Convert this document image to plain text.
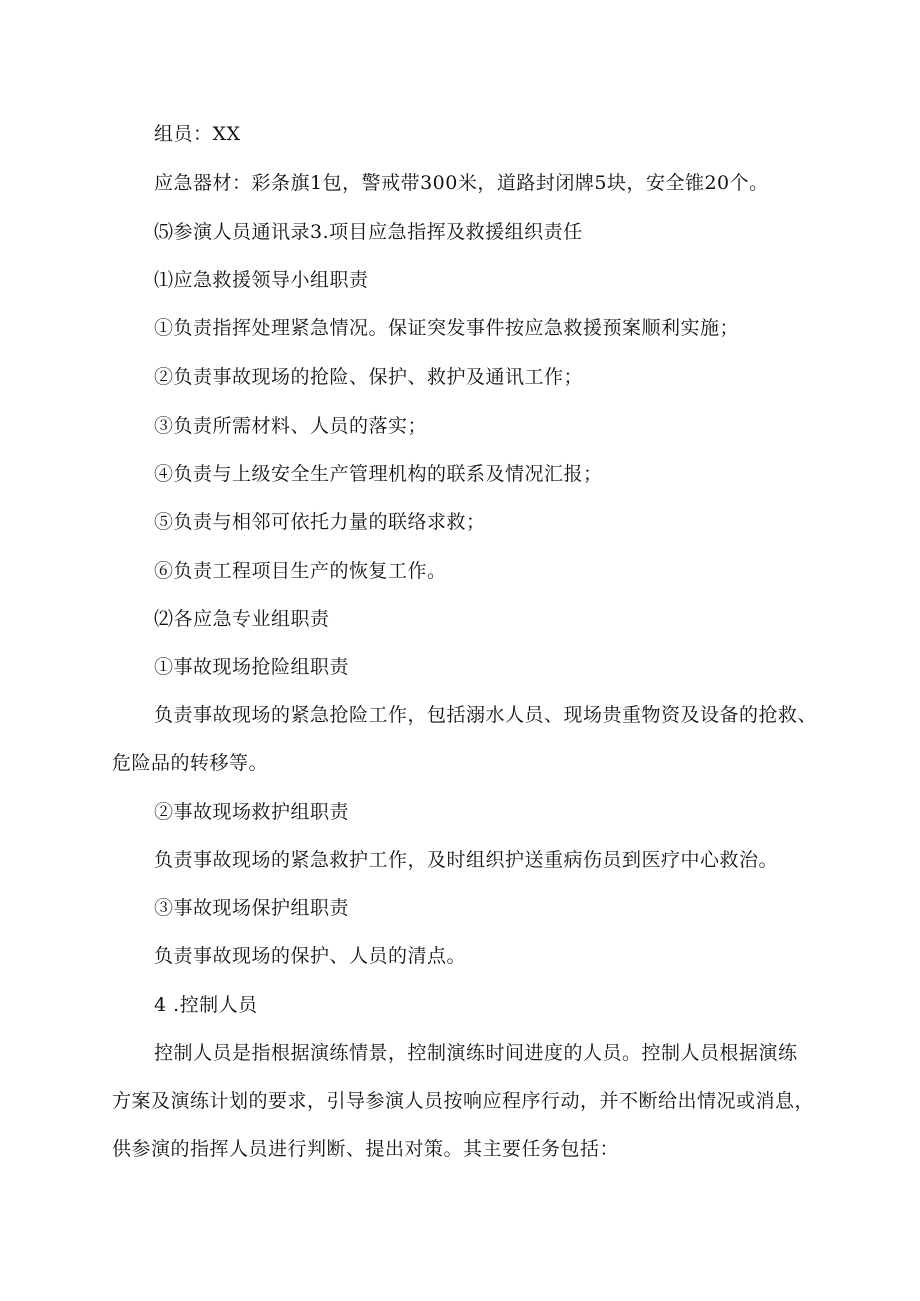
组员：XX
应急器材：彩条旗1包，警戒带300米，道路封闭牌5块，安全锥20个。
⑸参演人员通讯录3.项目应急指挥及救援组织责任
⑴应急救援领导小组职责
①负责指挥处理紧急情况。保证突发事件按应急救援预案顺利实施；
②负责事故现场的抢险、保护、救护及通讯工作；
③负责所需材料、人员的落实；
④负责与上级安全生产管理机构的联系及情况汇报；
⑤负责与相邻可依托力量的联络求救；
⑥负责工程项目生产的恢复工作。
⑵各应急专业组职责
①事故现场抢险组职责
负责事故现场的紧急抢险工作，包括溺水人员、现场贵重物资及设备的抢救、
危险品的转移等。
②事故现场救护组职责
负责事故现场的紧急救护工作，及时组织护送重病伤员到医疗中心救治。
③事故现场保护组职责
负责事故现场的保护、人员的清点。
4 .控制人员
控制人员是指根据演练情景，控制演练时间进度的人员。控制人员根据演练
方案及演练计划的要求，引导参演人员按响应程序行动，并不断给出情况或消息，
供参演的指挥人员进行判断、提出对策。其主要任务包括：
